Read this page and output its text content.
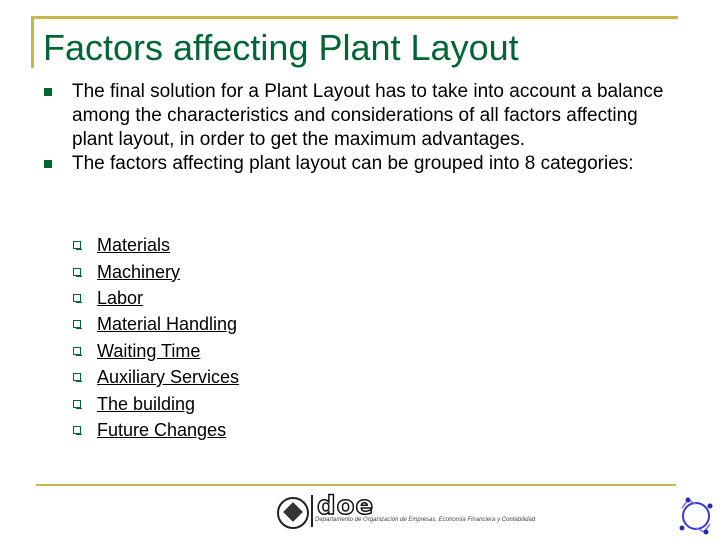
Factors affecting Plant Layout
The final solution for a Plant Layout has to take into account a balance among the characteristics and considerations of all factors affecting plant layout, in order to get the maximum advantages.
The factors affecting plant layout can be grouped into 8 categories:
Materials
Machinery
Labor
Material Handling
Waiting Time
Auxiliary Services
The building
Future Changes
doe
Departamento de Organización de Empresas, Economía Financiera y Contabilidad
